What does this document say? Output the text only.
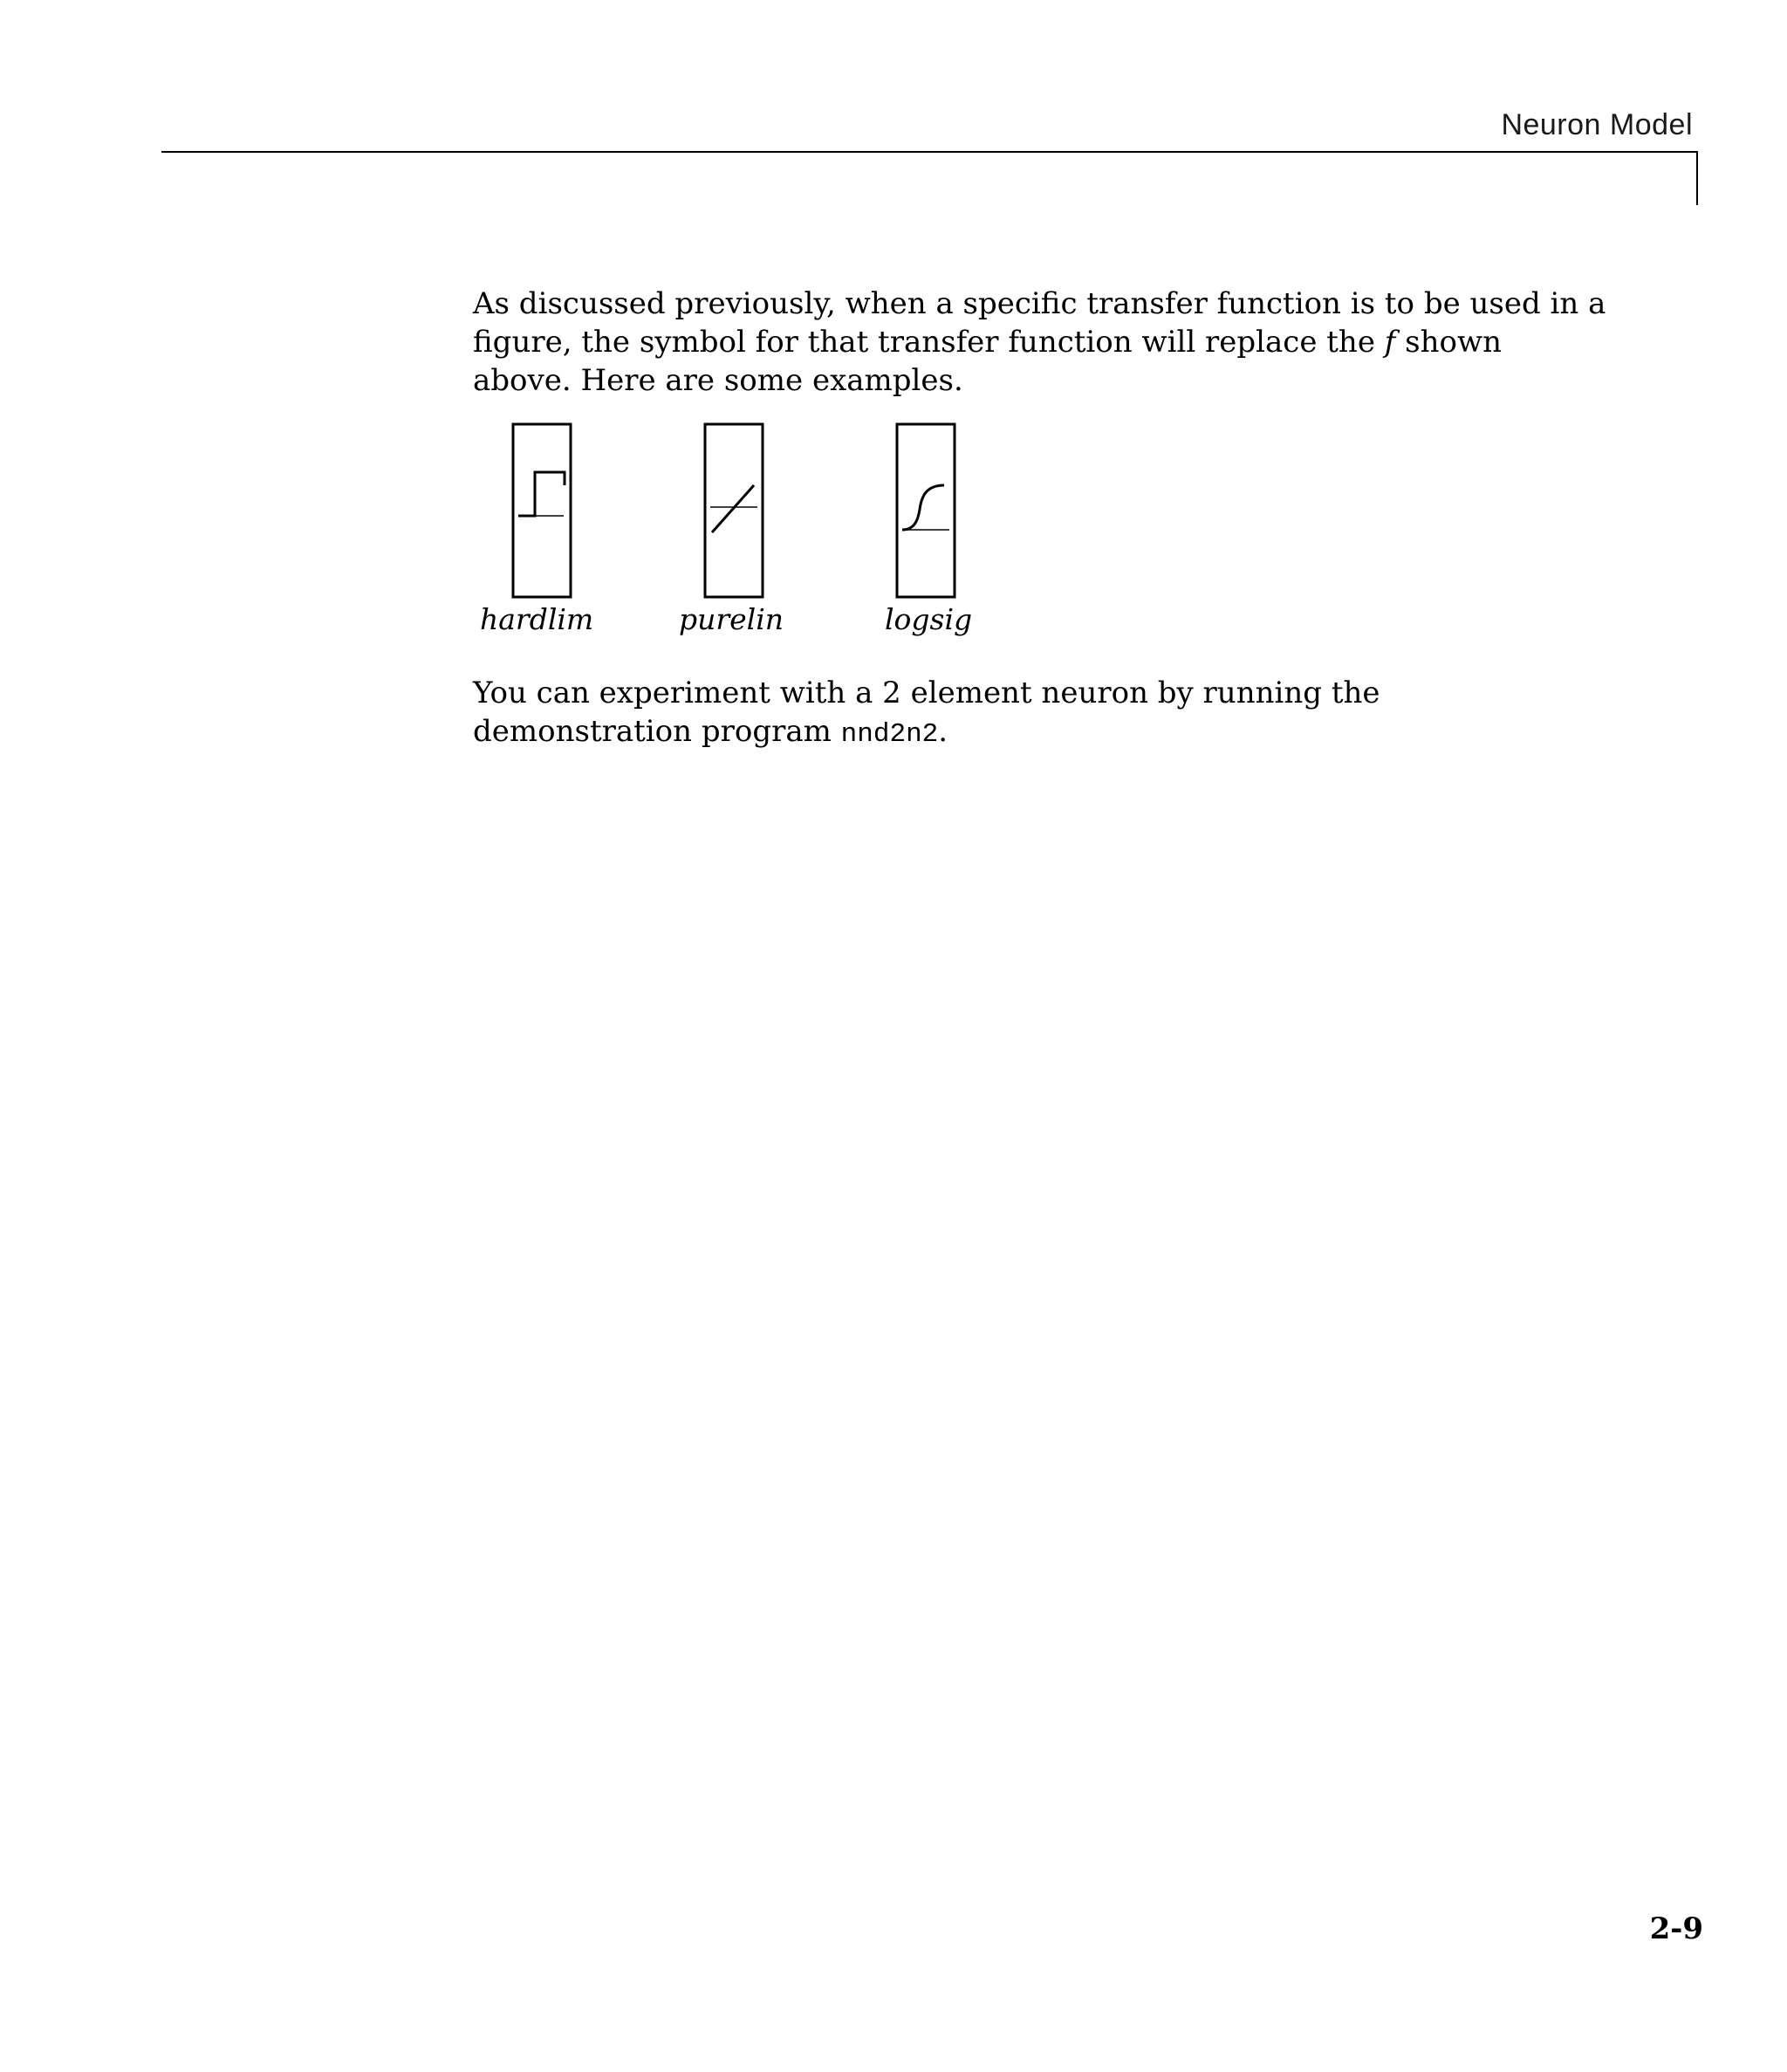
Neuron Model

As discussed previously, when a specific transfer function is to be used in a figure, the symbol for that transfer function will replace the f shown above. Here are some examples.

hardlim	purelin	logsig

You can experiment with a 2 element neuron by running the demonstration program nnd2n2.

2-9
